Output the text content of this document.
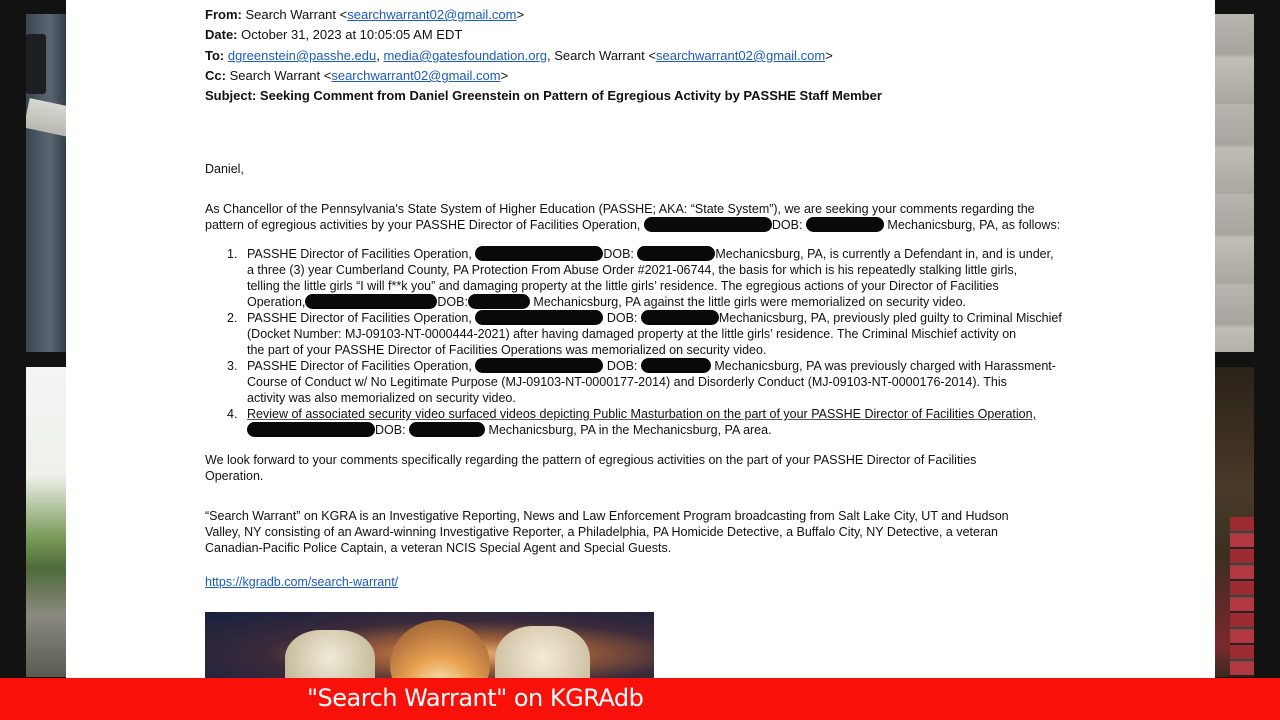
From: Search Warrant <searchwarrant02@gmail.com>
Date: October 31, 2023 at 10:05:05 AM EDT
To: dgreenstein@passhe.edu, media@gatesfoundation.org, Search Warrant <searchwarrant02@gmail.com>
Cc: Search Warrant <searchwarrant02@gmail.com>
Subject: Seeking Comment from Daniel Greenstein on Pattern of Egregious Activity by PASSHE Staff Member
Daniel,
As Chancellor of the Pennsylvania's State System of Higher Education (PASSHE; AKA: “State System”), we are seeking your comments regarding the
pattern of egregious activities by your PASSHE Director of Facilities Operation,	DOB:	Mechanicsburg, PA, as follows:
1. PASSHE Director of Facilities Operation,	DOB:	Mechanicsburg, PA, is currently a Defendant in, and is under,
a three (3) year Cumberland County, PA Protection From Abuse Order #2021-06744, the basis for which is his repeatedly stalking little girls,
telling the little girls “I will f**k you” and damaging property at the little girls’ residence. The egregious actions of your Director of Facilities
Operation,	DOB:	Mechanicsburg, PA against the little girls were memorialized on security video.
2. PASSHE Director of Facilities Operation,	DOB:	Mechanicsburg, PA, previously pled guilty to Criminal Mischief
(Docket Number: MJ-09103-NT-0000444-2021) after having damaged property at the little girls’ residence. The Criminal Mischief activity on
the part of your PASSHE Director of Facilities Operations was memorialized on security video.
3. PASSHE Director of Facilities Operation,	DOB:	Mechanicsburg, PA was previously charged with Harassment-
Course of Conduct w/ No Legitimate Purpose (MJ-09103-NT-0000177-2014) and Disorderly Conduct (MJ-09103-NT-0000176-2014). This
activity was also memorialized on security video.
4. Review of associated security video surfaced videos depicting Public Masturbation on the part of your PASSHE Director of Facilities Operation,
DOB:	Mechanicsburg, PA in the Mechanicsburg, PA area.
We look forward to your comments specifically regarding the pattern of egregious activities on the part of your PASSHE Director of Facilities
Operation.
“Search Warrant” on KGRA is an Investigative Reporting, News and Law Enforcement Program broadcasting from Salt Lake City, UT and Hudson
Valley, NY consisting of an Award-winning Investigative Reporter, a Philadelphia, PA Homicide Detective, a Buffalo City, NY Detective, a veteran
Canadian-Pacific Police Captain, a veteran NCIS Special Agent and Special Guests.
https://kgradb.com/search-warrant/
"Search Warrant" on KGRAdb
